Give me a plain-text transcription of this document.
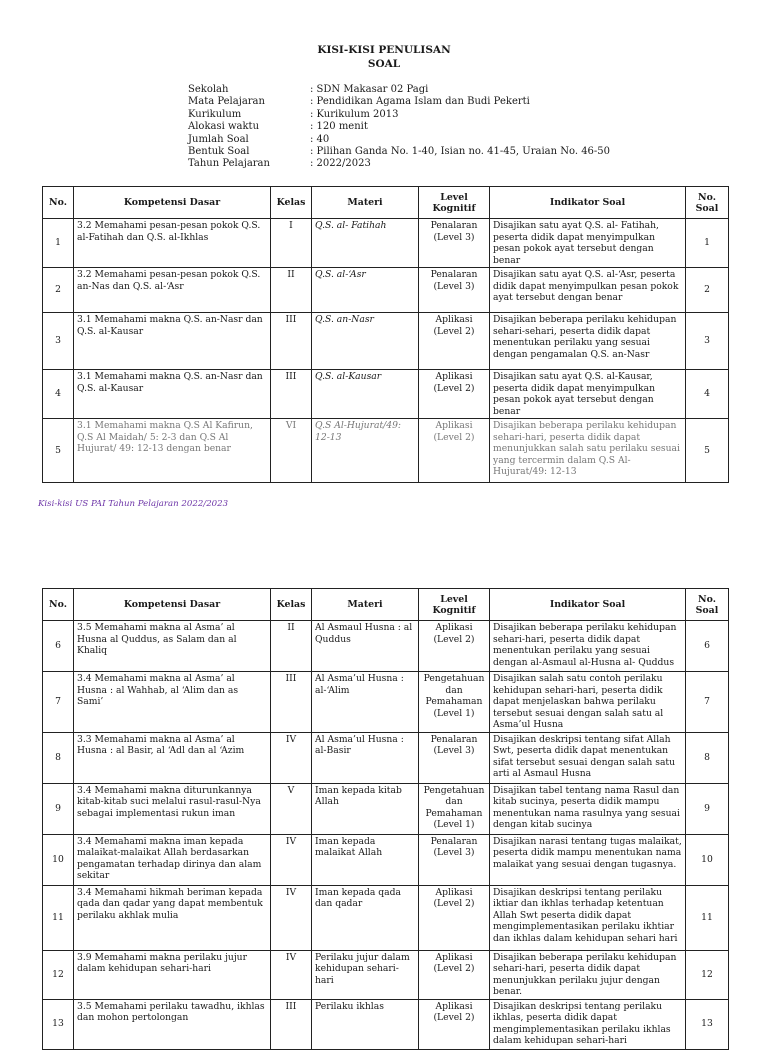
KISI-KISI PENULISAN
SOAL
Sekolah	: SDN Makasar 02 Pagi
Mata Pelajaran	: Pendidikan Agama Islam dan Budi Pekerti
Kurikulum	: Kurikulum 2013
Alokasi waktu	: 120 menit
Jumlah Soal	: 40
Bentuk Soal	: Pilihan Ganda No. 1-40, Isian no. 41-45, Uraian No. 46-50
Tahun Pelajaran	: 2022/2023
No.	Kompetensi Dasar	Kelas	Materi	Level Kognitif	Indikator Soal	No. Soal
1	3.2 Memahami pesan-pesan pokok Q.S. al-Fatihah dan Q.S. al-Ikhlas	I	Q.S. al- Fatihah	Penalaran (Level 3)	Disajikan satu ayat Q.S. al- Fatihah, peserta didik dapat menyimpulkan pesan pokok ayat tersebut dengan benar	1
2	3.2 Memahami pesan-pesan pokok Q.S. an-Nas dan Q.S. al-‘Asr	II	Q.S. al-‘Asr	Penalaran (Level 3)	Disajikan satu ayat Q.S. al-‘Asr, peserta didik dapat menyimpulkan pesan pokok ayat tersebut dengan benar	2
3	3.1 Memahami makna Q.S. an-Nasr dan Q.S. al-Kausar	III	Q.S. an-Nasr	Aplikasi (Level 2)	Disajikan beberapa perilaku kehidupan sehari-sehari, peserta didik dapat menentukan perilaku yang sesuai dengan pengamalan Q.S. an-Nasr	3
4	3.1 Memahami makna Q.S. an-Nasr dan Q.S. al-Kausar	III	Q.S. al-Kausar	Aplikasi (Level 2)	Disajikan satu ayat Q.S. al-Kausar, peserta didik dapat menyimpulkan pesan pokok ayat tersebut dengan benar	4
5	3.1 Memahami makna Q.S Al Kafirun, Q.S Al Maidah/ 5: 2-3 dan Q.S Al Hujurat/ 49: 12-13 dengan benar	VI	Q.S Al-Hujurat/49: 12-13	Aplikasi (Level 2)	Disajikan beberapa perilaku kehidupan sehari-hari, peserta didik dapat menunjukkan salah satu perilaku sesuai yang tercermin dalam Q.S Al-Hujurat/49: 12-13	5
Kisi-kisi US PAI Tahun Pelajaran 2022/2023
No.	Kompetensi Dasar	Kelas	Materi	Level Kognitif	Indikator Soal	No. Soal
6	3.5 Memahami makna al Asma’ al Husna al Quddus, as Salam dan al Khaliq	II	Al Asmaul Husna : al Quddus	Aplikasi (Level 2)	Disajikan beberapa perilaku kehidupan sehari-hari, peserta didik dapat menentukan perilaku yang sesuai dengan al-Asmaul al-Husna al- Quddus	6
7	3.4 Memahami makna al Asma’ al Husna : al Wahhab, al ‘Alim dan as Sami’	III	Al Asma’ul Husna : al-‘Alim	Pengetahuan dan Pemahaman (Level 1)	Disajikan salah satu contoh perilaku kehidupan sehari-hari, peserta didik dapat menjelaskan bahwa perilaku tersebut sesuai dengan salah satu al Asma’ul Husna	7
8	3.3 Memahami makna al Asma’ al Husna : al Basir, al ‘Adl dan al ‘Azim	IV	Al Asma’ul Husna : al-Basir	Penalaran (Level 3)	Disajikan deskripsi tentang sifat Allah Swt, peserta didik dapat menentukan sifat tersebut sesuai dengan salah satu arti al Asmaul Husna	8
9	3.4 Memahami makna diturunkannya kitab-kitab suci melalui rasul-rasul-Nya sebagai implementasi rukun iman	V	Iman kepada kitab Allah	Pengetahuan dan Pemahaman (Level 1)	Disajikan tabel tentang nama Rasul dan kitab sucinya, peserta didik mampu menentukan nama rasulnya yang sesuai dengan kitab sucinya	9
10	3.4 Memahami makna iman kepada malaikat-malaikat Allah berdasarkan pengamatan terhadap dirinya dan alam sekitar	IV	Iman kepada malaikat Allah	Penalaran (Level 3)	Disajikan narasi tentang tugas malaikat, peserta didik mampu menentukan nama malaikat yang sesuai dengan tugasnya.	10
11	3.4 Memahami hikmah beriman kepada qada dan qadar yang dapat membentuk perilaku akhlak mulia	IV	Iman kepada qada dan qadar	Aplikasi (Level 2)	Disajikan deskripsi tentang perilaku iktiar dan ikhlas terhadap ketentuan Allah Swt peserta didik dapat mengimplementasikan perilaku ikhtiar dan ikhlas dalam kehidupan sehari hari	11
12	3.9 Memahami makna perilaku jujur dalam kehidupan sehari-hari	IV	Perilaku jujur dalam kehidupan sehari-hari	Aplikasi (Level 2)	Disajikan beberapa perilaku kehidupan sehari-hari, peserta didik dapat menunjukkan perilaku jujur dengan benar.	12
13	3.5 Memahami perilaku tawadhu, ikhlas dan mohon pertolongan	III	Perilaku ikhlas	Aplikasi (Level 2)	Disajikan deskripsi tentang perilaku ikhlas, peserta didik dapat mengimplementasikan perilaku ikhlas dalam kehidupan sehari-hari	13
